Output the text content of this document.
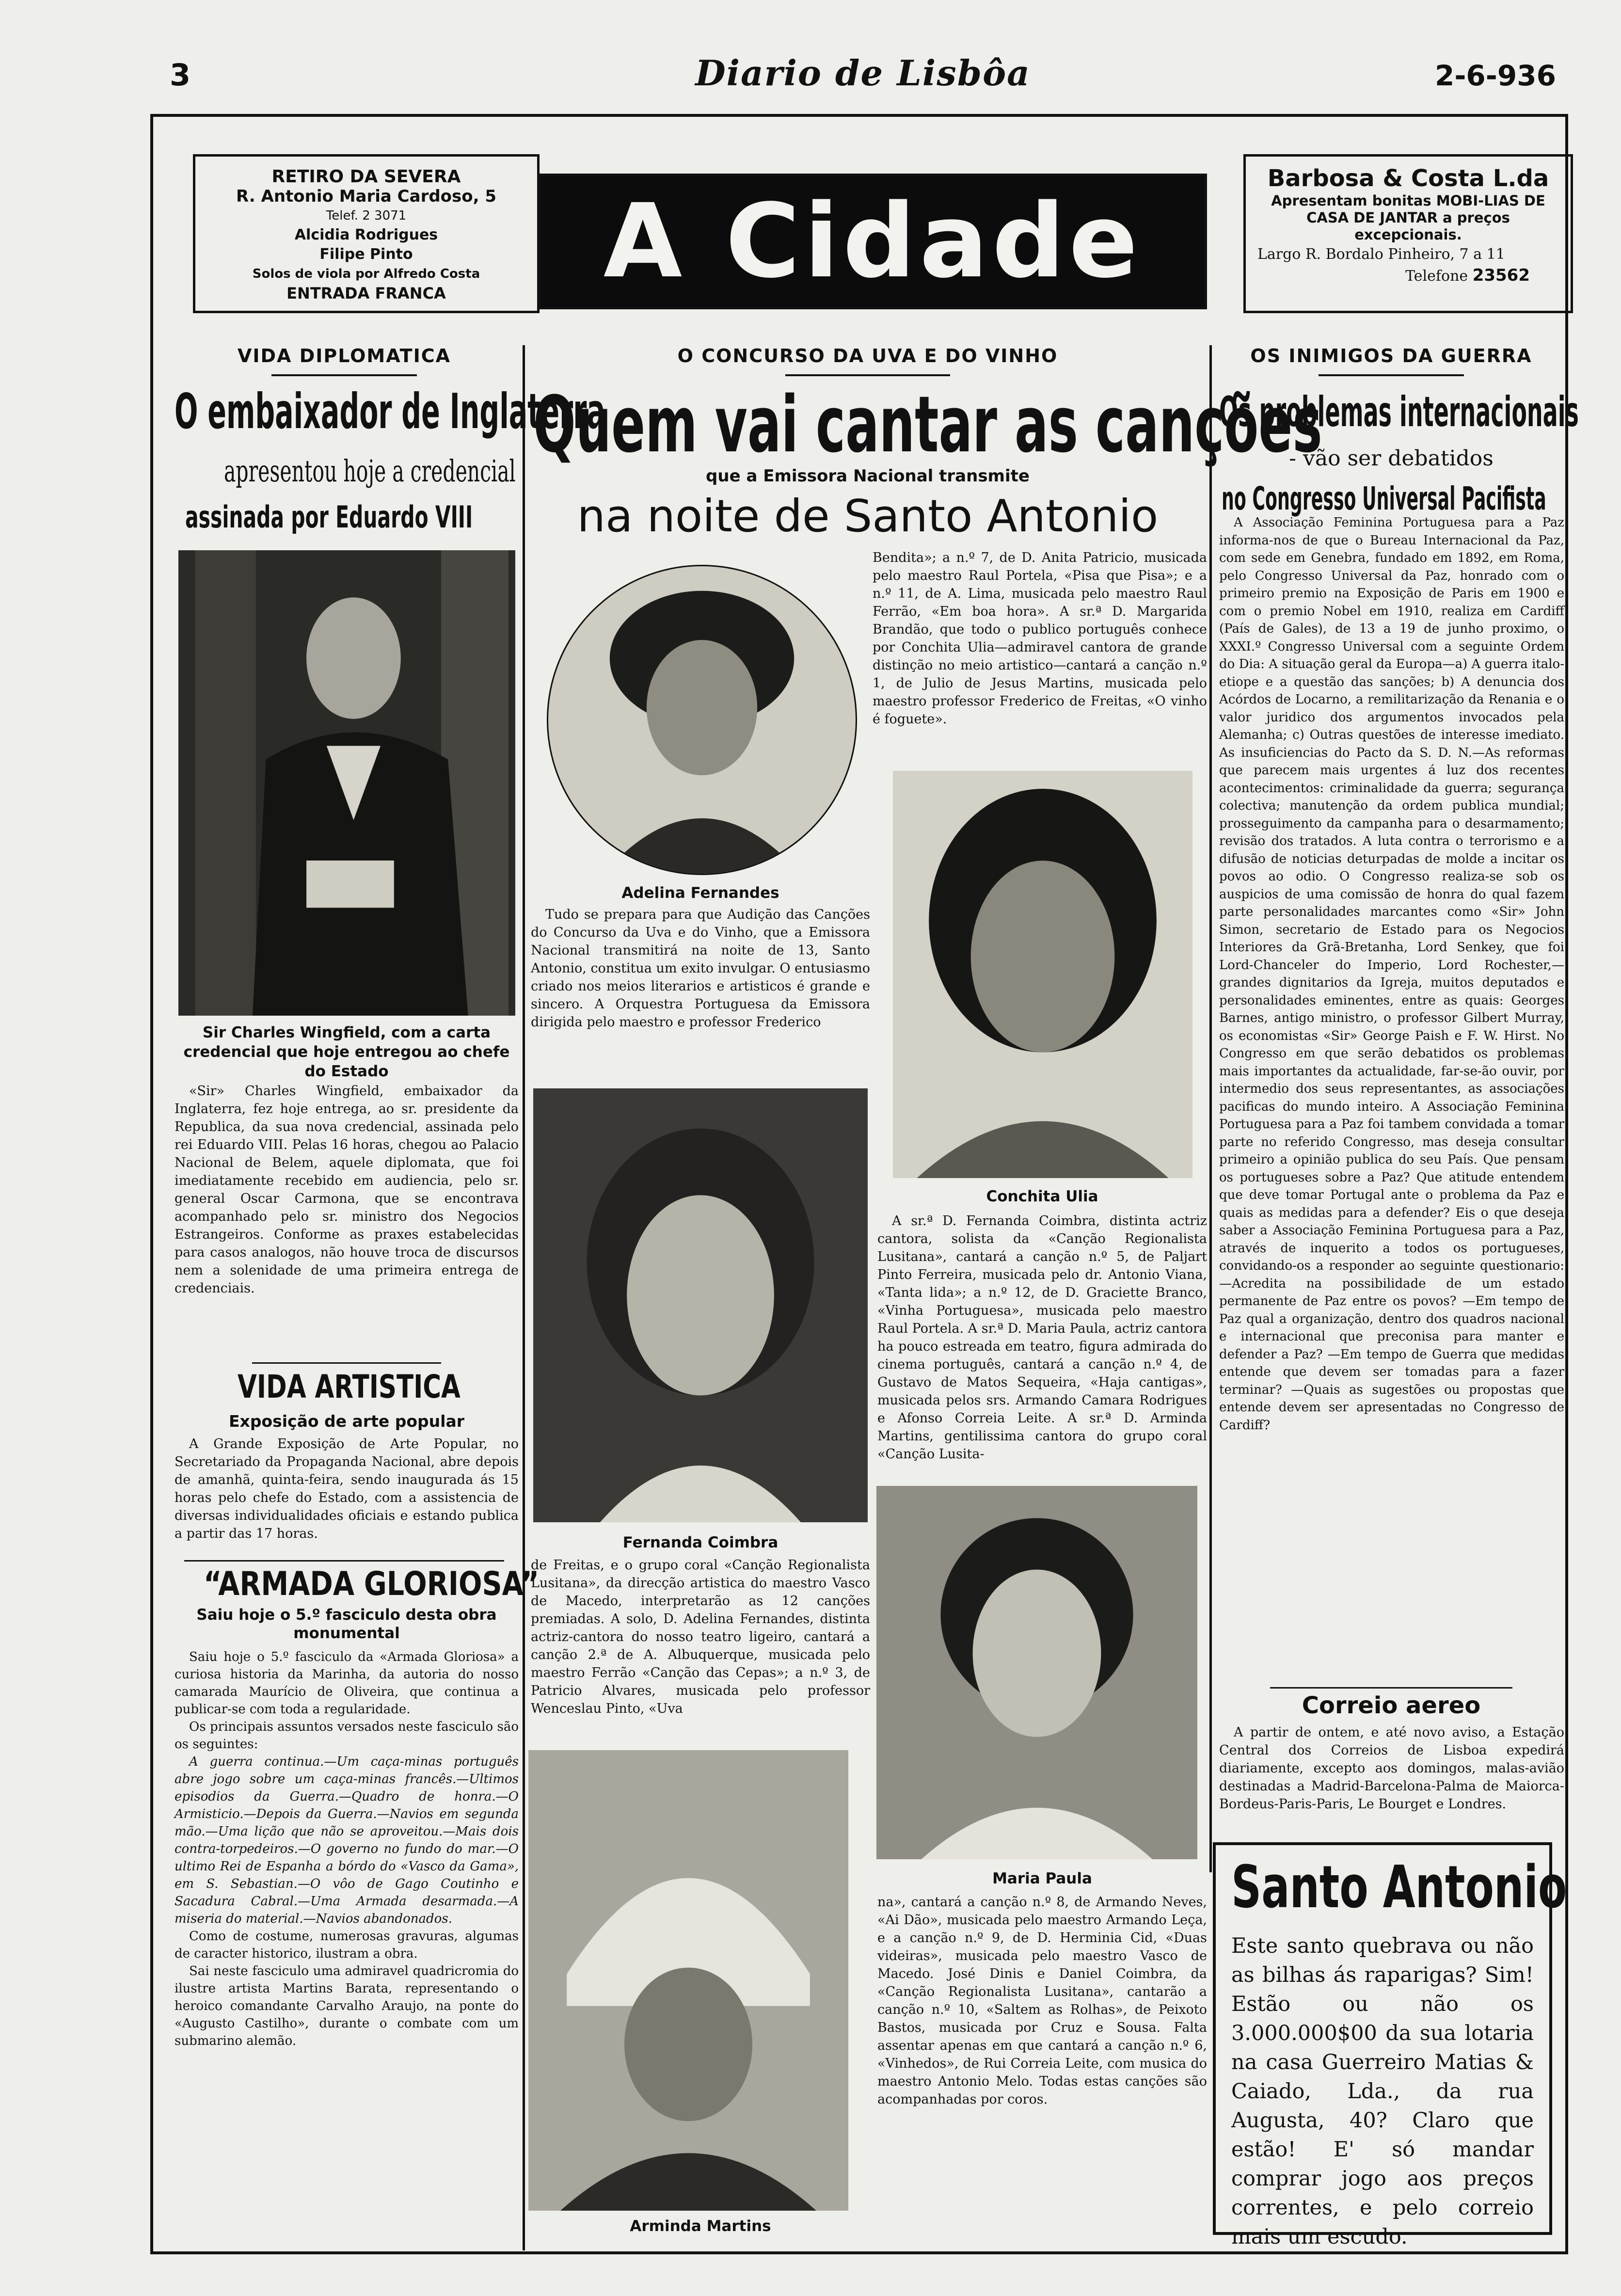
3	Diario de Lisbôa	2-6-936
RETIRO DA SEVERA
R. Antonio Maria Cardoso, 5
Telef. 2 3071
Alcidia Rodrigues
Filipe Pinto
Solos de viola por Alfredo Costa
ENTRADA FRANCA	A Cidade
Barbosa & Costa L.da
Apresentam bonitas MOBI-LIAS DE CASA DE JANTAR a preços excepcionais.
Largo R. Bordalo Pinheiro, 7 a 11
Telefone 23562
VIDA DIPLOMATICA
O embaixador de Inglaterra
apresentou hoje a credencial
assinada por Eduardo VIII
Sir Charles Wingfield, com a carta credencial que hoje entregou ao chefe do Estado

«Sir» Charles Wingfield, embaixador da Inglaterra, fez hoje entrega, ao sr. presidente da Republica, da sua nova credencial, assinada pelo rei Eduardo VIII. Pelas 16 horas, chegou ao Palacio Nacional de Belem, aquele diplomata, que foi imediatamente recebido em audiencia, pelo sr. general Oscar Carmona, que se encontrava acompanhado pelo sr. ministro dos Negocios Estrangeiros. Conforme as praxes estabelecidas para casos analogos, não houve troca de discursos nem a solenidade de uma primeira entrega de credenciais.

VIDA ARTISTICA
Exposição de arte popular

A Grande Exposição de Arte Popular, no Secretariado da Propaganda Nacional, abre depois de amanhã, quinta-feira, sendo inaugurada ás 15 horas pelo chefe do Estado, com a assistencia de diversas individualidades oficiais e estando publica a partir das 17 horas.

“ARMADA GLORIOSA”
Saiu hoje o 5.º fasciculo desta obra monumental

Saiu hoje o 5.º fasciculo da «Armada Gloriosa» a curiosa historia da Marinha, da autoria do nosso camarada Maurício de Oliveira, que continua a publicar-se com toda a regularidade.

Os principais assuntos versados neste fasciculo são os seguintes:

A guerra continua.—Um caça-minas português abre jogo sobre um caça-minas francês.—Ultimos episodios da Guerra.—Quadro de honra.—O Armisticio.—Depois da Guerra.—Navios em segunda mão.—Uma lição que não se aproveitou.—Mais dois contra-torpedeiros.—O governo no fundo do mar.—O ultimo Rei de Espanha a bórdo do «Vasco da Gama», em S. Sebastian.—O vôo de Gago Coutinho e Sacadura Cabral.—Uma Armada desarmada.—A miseria do material.—Navios abandonados.

Como de costume, numerosas gravuras, algumas de caracter historico, ilustram a obra.

Sai neste fasciculo uma admiravel quadricromia do ilustre artista Martins Barata, representando o heroico comandante Carvalho Araujo, na ponte do «Augusto Castilho», durante o combate com um submarino alemão.

O CONCURSO DA UVA E DO VINHO
Quem vai cantar as canções
que a Emissora Nacional transmite
na noite de Santo Antonio

Bendita»; a n.º 7, de D. Anita Patricio, musicada pelo maestro Raul Portela, «Pisa que Pisa»; e a n.º 11, de A. Lima, musicada pelo maestro Raul Ferrão, «Em boa hora». A sr.ª D. Margarida Brandão, que todo o publico português conhece por Conchita Ulia—admiravel cantora de grande distinção no meio artistico—cantará a canção n.º 1, de Julio de Jesus Martins, musicada pelo maestro professor Frederico de Freitas, «O vinho é foguete».

Adelina Fernandes

Tudo se prepara para que Audição das Canções do Concurso da Uva e do Vinho, que a Emissora Nacional transmitirá na noite de 13, Santo Antonio, constitua um exito invulgar. O entusiasmo criado nos meios literarios e artisticos é grande e sincero. A Orquestra Portuguesa da Emissora dirigida pelo maestro e professor Frederico

Fernanda Coimbra

de Freitas, e o grupo coral «Canção Regionalista Lusitana», da direcção artistica do maestro Vasco de Macedo, interpretarão as 12 canções premiadas. A solo, D. Adelina Fernandes, distinta actriz-cantora do nosso teatro ligeiro, cantará a canção 2.ª de A. Albuquerque, musicada pelo maestro Ferrão «Canção das Cepas»; a n.º 3, de Patricio Alvares, musicada pelo professor Wenceslau Pinto, «Uva

Arminda Martins
Conchita Ulia

A sr.ª D. Fernanda Coimbra, distinta actriz cantora, solista da «Canção Regionalista Lusitana», cantará a canção n.º 5, de Paljart Pinto Ferreira, musicada pelo dr. Antonio Viana, «Tanta lida»; a n.º 12, de D. Graciette Branco, «Vinha Portuguesa», musicada pelo maestro Raul Portela. A sr.ª D. Maria Paula, actriz cantora ha pouco estreada em teatro, figura admirada do cinema português, cantará a canção n.º 4, de Gustavo de Matos Sequeira, «Haja cantigas», musicada pelos srs. Armando Camara Rodrigues e Afonso Correia Leite. A sr.ª D. Arminda Martins, gentilissima cantora do grupo coral «Canção Lusita-

Maria Paula

na», cantará a canção n.º 8, de Armando Neves, «Ai Dão», musicada pelo maestro Armando Leça, e a canção n.º 9, de D. Herminia Cid, «Duas videiras», musicada pelo maestro Vasco de Macedo. José Dinis e Daniel Coimbra, da «Canção Regionalista Lusitana», cantarão a canção n.º 10, «Saltem as Rolhas», de Peixoto Bastos, musicada por Cruz e Sousa. Falta assentar apenas em que cantará a canção n.º 6, «Vinhedos», de Rui Correia Leite, com musica do maestro Antonio Melo. Todas estas canções são acompanhadas por coros.

OS INIMIGOS DA GUERRA
Os problemas internacionais
- vão ser debatidos
no Congresso Universal Pacifista

A Associação Feminina Portuguesa para a Paz informa-nos de que o Bureau Internacional da Paz, com sede em Genebra, fundado em 1892, em Roma, pelo Congresso Universal da Paz, honrado com o primeiro premio na Exposição de Paris em 1900 e com o premio Nobel em 1910, realiza em Cardiff (País de Gales), de 13 a 19 de junho proximo, o XXXI.º Congresso Universal com a seguinte Ordem do Dia: A situação geral da Europa—a) A guerra italo-etiope e a questão das sanções; b) A denuncia dos Acórdos de Locarno, a remilitarização da Renania e o valor juridico dos argumentos invocados pela Alemanha; c) Outras questões de interesse imediato. As insuficiencias do Pacto da S. D. N.—As reformas que parecem mais urgentes á luz dos recentes acontecimentos: criminalidade da guerra; segurança colectiva; manutenção da ordem publica mundial; prosseguimento da campanha para o desarmamento; revisão dos tratados. A luta contra o terrorismo e a difusão de noticias deturpadas de molde a incitar os povos ao odio. O Congresso realiza-se sob os auspicios de uma comissão de honra do qual fazem parte personalidades marcantes como «Sir» John Simon, secretario de Estado para os Negocios Interiores da Grã-Bretanha, Lord Senkey, que foi Lord-Chanceler do Imperio, Lord Rochester,—grandes dignitarios da Igreja, muitos deputados e personalidades eminentes, entre as quais: Georges Barnes, antigo ministro, o professor Gilbert Murray, os economistas «Sir» George Paish e F. W. Hirst. No Congresso em que serão debatidos os problemas mais importantes da actualidade, far-se-ão ouvir, por intermedio dos seus representantes, as associações pacificas do mundo inteiro. A Associação Feminina Portuguesa para a Paz foi tambem convidada a tomar parte no referido Congresso, mas deseja consultar primeiro a opinião publica do seu País. Que pensam os portugueses sobre a Paz? Que atitude entendem que deve tomar Portugal ante o problema da Paz e quais as medidas para a defender? Eis o que deseja saber a Associação Feminina Portuguesa para a Paz, através de inquerito a todos os portugueses, convidando-os a responder ao seguinte questionario: —Acredita na possibilidade de um estado permanente de Paz entre os povos? —Em tempo de Paz qual a organização, dentro dos quadros nacional e internacional que preconisa para manter e defender a Paz? —Em tempo de Guerra que medidas entende que devem ser tomadas para a fazer terminar? —Quais as sugestões ou propostas que entende devem ser apresentadas no Congresso de Cardiff?

Correio aereo

A partir de ontem, e até novo aviso, a Estação Central dos Correios de Lisboa expedirá diariamente, excepto aos domingos, malas-avião destinadas a Madrid-Barcelona-Palma de Maiorca-Bordeus-Paris-Paris, Le Bourget e Londres.

Santo Antonio
Este santo quebrava ou não as bilhas ás raparigas? Sim! Estão ou não os 3.000.000$00 da sua lotaria na casa Guerreiro Matias & Caiado, Lda., da rua Augusta, 40? Claro que estão! E' só mandar comprar jogo aos preços correntes, e pelo correio mais um escudo.
